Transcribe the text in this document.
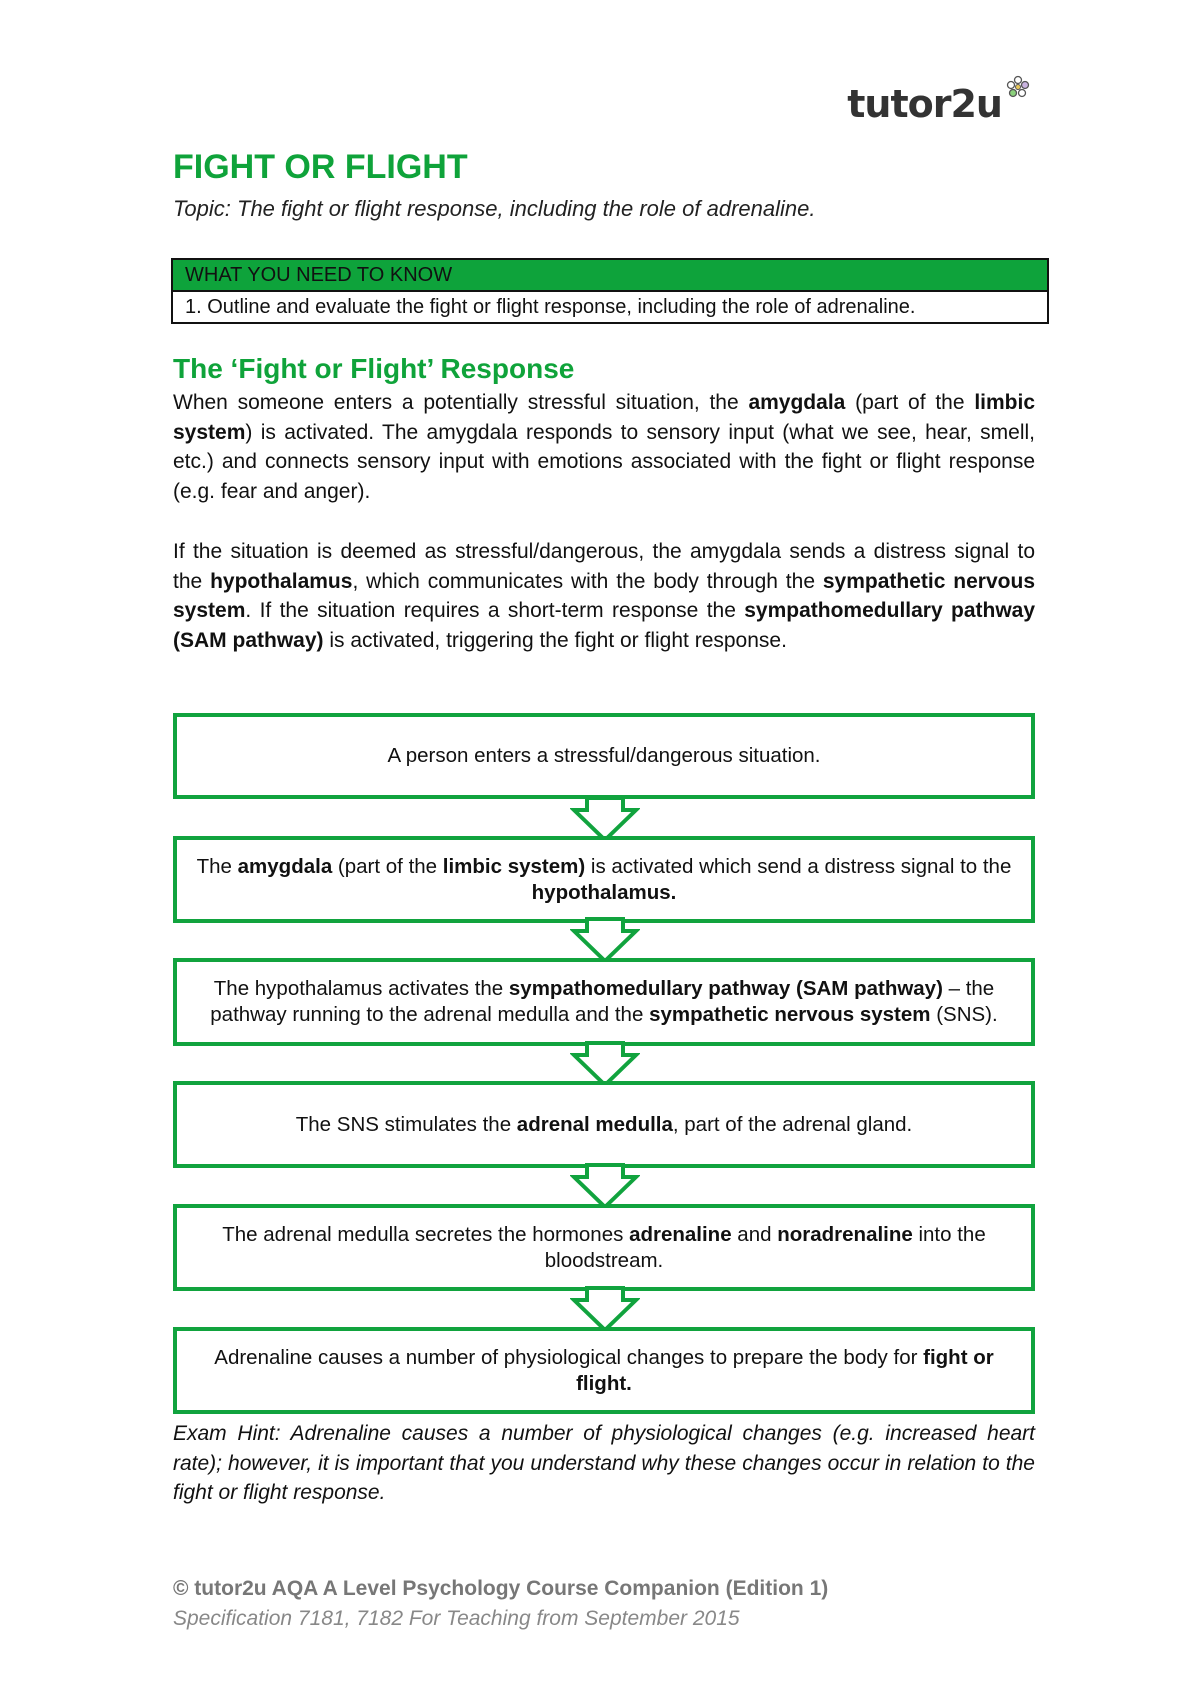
tutor2u
FIGHT OR FLIGHT

Topic: The fight or flight response, including the role of adrenaline.

WHAT YOU NEED TO KNOW
1. Outline and evaluate the fight or flight response, including the role of adrenaline.
The ‘Fight or Flight’ Response

When someone enters a potentially stressful situation, the amygdala (part of the limbic system) is activated. The amygdala responds to sensory input (what we see, hear, smell, etc.) and connects sensory input with emotions associated with the fight or flight response (e.g. fear and anger).

If the situation is deemed as stressful/dangerous, the amygdala sends a distress signal to the hypothalamus, which communicates with the body through the sympathetic nervous system. If the situation requires a short-term response the sympathomedullary pathway (SAM pathway) is activated, triggering the fight or flight response.

A person enters a stressful/dangerous situation.
The amygdala (part of the limbic system) is activated which send a distress signal to the hypothalamus.
The hypothalamus activates the sympathomedullary pathway (SAM pathway) – the pathway running to the adrenal medulla and the sympathetic nervous system (SNS).
The SNS stimulates the adrenal medulla, part of the adrenal gland.
The adrenal medulla secretes the hormones adrenaline and noradrenaline into the bloodstream.
Adrenaline causes a number of physiological changes to prepare the body for fight or flight.

Exam Hint: Adrenaline causes a number of physiological changes (e.g. increased heart rate); however, it is important that you understand why these changes occur in relation to the fight or flight response.

© tutor2u AQA A Level Psychology Course Companion (Edition 1)

Specification 7181, 7182 For Teaching from September 2015
